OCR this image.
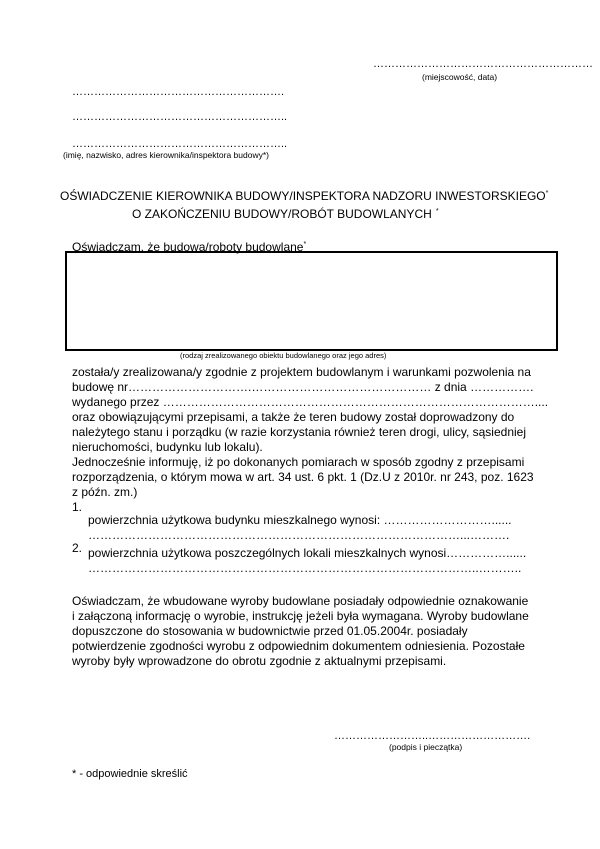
……………………………………………………
(miejscowość, data)
………………………………………………….
…………………………………………………..
…………………………………………………..
(imię, nazwisko, adres kierownika/inspektora budowy*)
OŚWIADCZENIE KIEROWNIKA BUDOWY/INSPEKTORA NADZORU INWESTORSKIEGO*
O ZAKOŃCZENIU BUDOWY/ROBÓT BUDOWLANYCH *
Oświadczam, że budowa/roboty budowlane*
(rodzaj zrealizowanego obiektu budowlanego oraz jego adres)
została/y zrealizowana/y zgodnie z projektem budowlanym i warunkami pozwolenia na
budowę nr………………………….……………………………………… z dnia …………….
wydanego przez …………………………………………………………………………………....
oraz obowiązującymi przepisami, a także że teren budowy został doprowadzony do
należytego stanu i porządku (w razie korzystania również teren drogi, ulicy, sąsiedniej
nieruchomości, budynku lub lokalu).
Jednocześnie informuję, iż po dokonanych pomiarach w sposób zgodny z przepisami
rozporządzenia, o którym mowa w art. 34 ust. 6 pkt. 1 (Dz.U z 2010r. nr 243, poz. 1623
z późn. zm.)
1.
powierzchnia użytkowa budynku mieszkalnego wynosi: ………………………......
…………………………………………………………………………………...……….
2. powierzchnia użytkowa poszczególnych lokali mieszkalnych wynosi……………......
……………………………………………………………………………………..………..
Oświadczam, że wbudowane wyroby budowlane posiadały odpowiednie oznakowanie
i załączoną informację o wyrobie, instrukcję jeżeli była wymagana. Wyroby budowlane
dopuszczone do stosowania w budownictwie przed 01.05.2004r. posiadały
potwierdzenie zgodności wyrobu z odpowiednim dokumentem odniesienia. Pozostałe
wyroby były wprowadzone do obrotu zgodnie z aktualnymi przepisami.
……………………..……………………….
(podpis i pieczątka)
* - odpowiednie skreślić
